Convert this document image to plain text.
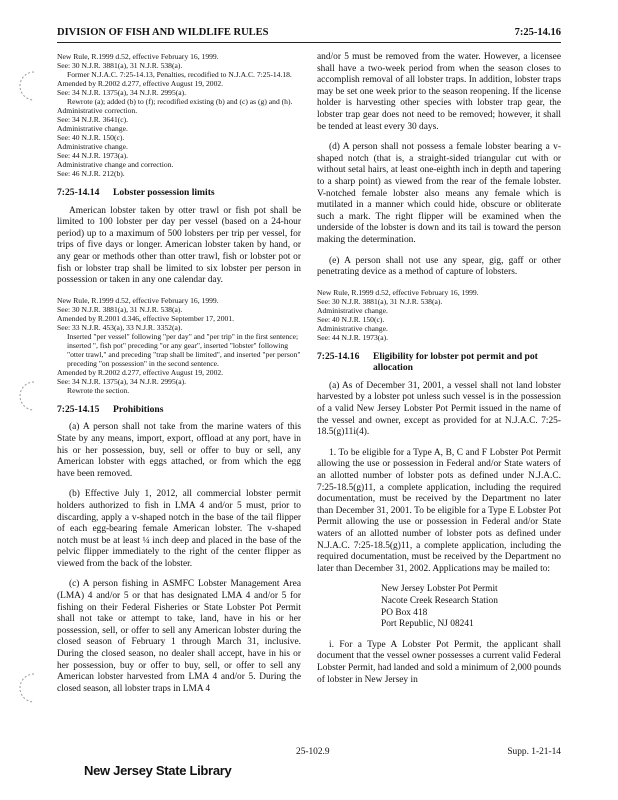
DIVISION OF FISH AND WILDLIFE RULES	7:25-14.16
New Rule, R.1999 d.52, effective February 16, 1999.
See: 30 N.J.R. 3881(a), 31 N.J.R. 538(a).
Former N.J.A.C. 7:25-14.13, Penalties, recodified to N.J.A.C. 7:25-14.18.
Amended by R.2002 d.277, effective August 19, 2002.
See: 34 N.J.R. 1375(a), 34 N.J.R. 2995(a).
Rewrote (a); added (b) to (f); recodified existing (b) and (c) as (g) and (h).
Administrative correction.
See: 34 N.J.R. 3641(c).
Administrative change.
See: 40 N.J.R. 150(c).
Administrative change.
See: 44 N.J.R. 1973(a).
Administrative change and correction.
See: 46 N.J.R. 212(b).
7:25-14.14	Lobster possession limits

American lobster taken by otter trawl or fish pot shall be limited to 100 lobster per day per vessel (based on a 24-hour period) up to a maximum of 500 lobsters per trip per vessel, for trips of five days or longer. American lobster taken by hand, or any gear or methods other than otter trawl, fish or lobster pot or fish or lobster trap shall be limited to six lobster per person in possession or taken in any one calendar day.

New Rule, R.1999 d.52, effective February 16, 1999.
See: 30 N.J.R. 3881(a), 31 N.J.R. 538(a).
Amended by R.2001 d.346, effective September 17, 2001.
See: 33 N.J.R. 453(a), 33 N.J.R. 3352(a).
Inserted "per vessel" following "per day" and "per trip" in the first sentence; inserted ", fish pot" preceding "or any gear", inserted "lobster" following "otter trawl," and preceding "trap shall be limited", and inserted "per person" preceding "on possession" in the second sentence.
Amended by R.2002 d.277, effective August 19, 2002.
See: 34 N.J.R. 1375(a), 34 N.J.R. 2995(a).
Rewrote the section.
7:25-14.15	Prohibitions

(a) A person shall not take from the marine waters of this State by any means, import, export, offload at any port, have in his or her possession, buy, sell or offer to buy or sell, any American lobster with eggs attached, or from which the egg have been removed.

(b) Effective July 1, 2012, all commercial lobster permit holders authorized to fish in LMA 4 and/or 5 must, prior to discarding, apply a v-shaped notch in the base of the tail flipper of each egg-bearing female American lobster. The v-shaped notch must be at least ¼ inch deep and placed in the base of the pelvic flipper immediately to the right of the center flipper as viewed from the back of the lobster.

(c) A person fishing in ASMFC Lobster Management Area (LMA) 4 and/or 5 or that has designated LMA 4 and/or 5 for fishing on their Federal Fisheries or State Lobster Pot Permit shall not take or attempt to take, land, have in his or her possession, sell, or offer to sell any American lobster during the closed season of February 1 through March 31, inclusive. During the closed season, no dealer shall accept, have in his or her possession, buy or offer to buy, sell, or offer to sell any American lobster harvested from LMA 4 and/or 5. During the closed season, all lobster traps in LMA 4

and/or 5 must be removed from the water. However, a licensee shall have a two-week period from when the season closes to accomplish removal of all lobster traps. In addition, lobster traps may be set one week prior to the season reopening. If the license holder is harvesting other species with lobster trap gear, the lobster trap gear does not need to be removed; however, it shall be tended at least every 30 days.

(d) A person shall not possess a female lobster bearing a v-shaped notch (that is, a straight-sided triangular cut with or without setal hairs, at least one-eighth inch in depth and tapering to a sharp point) as viewed from the rear of the female lobster. V-notched female lobster also means any female which is mutilated in a manner which could hide, obscure or obliterate such a mark. The right flipper will be examined when the underside of the lobster is down and its tail is toward the person making the determination.

(e) A person shall not use any spear, gig, gaff or other penetrating device as a method of capture of lobsters.

New Rule, R.1999 d.52, effective February 16, 1999.
See: 30 N.J.R. 3881(a), 31 N.J.R. 538(a).
Administrative change.
See: 40 N.J.R. 150(c).
Administrative change.
See: 44 N.J.R. 1973(a).
7:25-14.16	Eligibility for lobster pot permit and pot allocation

(a) As of December 31, 2001, a vessel shall not land lobster harvested by a lobster pot unless such vessel is in the possession of a valid New Jersey Lobster Pot Permit issued in the name of the vessel and owner, except as provided for at N.J.A.C. 7:25-18.5(g)11i(4).

1. To be eligible for a Type A, B, C and F Lobster Pot Permit allowing the use or possession in Federal and/or State waters of an allotted number of lobster pots as defined under N.J.A.C. 7:25-18.5(g)11, a complete application, including the required documentation, must be received by the Department no later than December 31, 2001. To be eligible for a Type E Lobster Pot Permit allowing the use or possession in Federal and/or State waters of an allotted number of lobster pots as defined under N.J.A.C. 7:25-18.5(g)11, a complete application, including the required documentation, must be received by the Department no later than December 31, 2002. Applications may be mailed to:

New Jersey Lobster Pot Permit
Nacote Creek Research Station
PO Box 418
Port Republic, NJ 08241

i. For a Type A Lobster Pot Permit, the applicant shall document that the vessel owner possesses a current valid Federal Lobster Permit, had landed and sold a minimum of 2,000 pounds of lobster in New Jersey in

25-102.9	Supp. 1-21-14
New Jersey State Library
